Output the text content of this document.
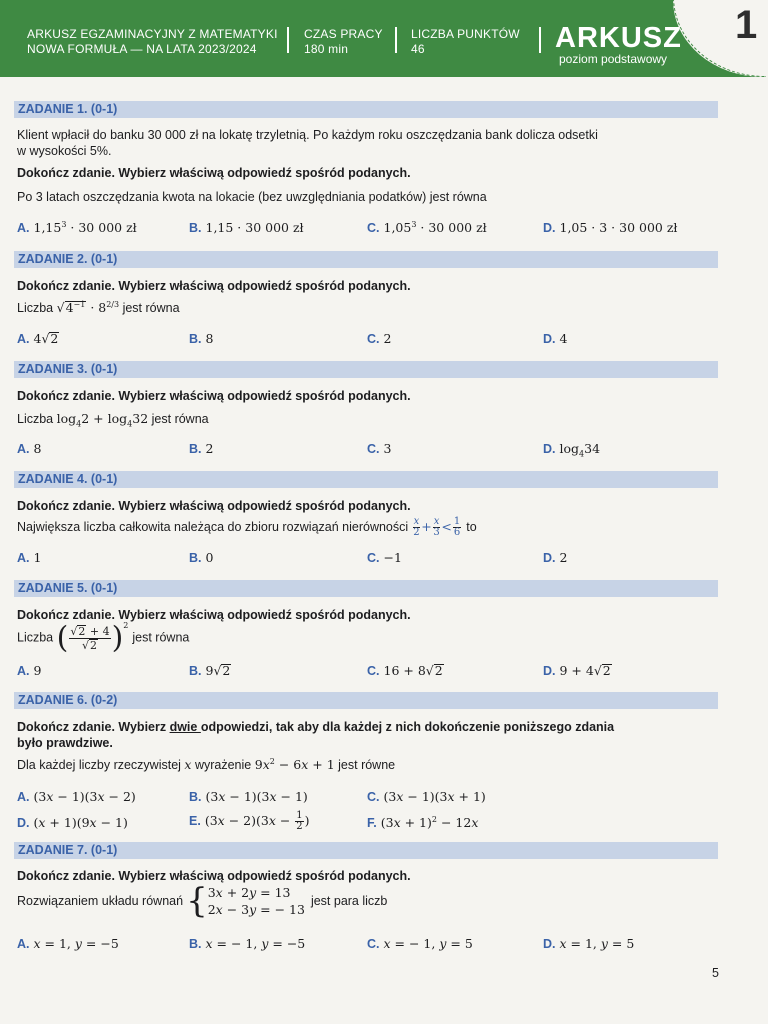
ARKUSZ EGZAMINACYJNY Z MATEMATYKI
NOWA FORMUŁA — NA LATA 2023/2024
CZAS PRACY
180 min
LICZBA PUNKTÓW
46	ARKUSZ
poziom podstawowy
1
ZADANIE 1. (0-1)
Klient wpłacił do banku 30 000 zł na lokatę trzyletnią. Po każdym roku oszczędzania bank dolicza odsetki
w wysokości 5%.
Dokończ zdanie. Wybierz właściwą odpowiedź spośród podanych.
Po 3 latach oszczędzania kwota na lokacie (bez uwzględniania podatków) jest równa
A. $1,15^3 \cdot 30$ 000 zł	B. 1,15 · 30 000 zł	C. $1,05^3 \cdot 30$ 000 zł	D. 1,05 · 3 · 30 000 zł
ZADANIE 2. (0-1)
Dokończ zdanie. Wybierz właściwą odpowiedź spośród podanych.
Liczba $√4^{-1} \cdot 8^{2/3}$ jest równa
A. 4√2	B. 8	C. 2	D. 4
ZADANIE 3. (0-1)
Dokończ zdanie. Wybierz właściwą odpowiedź spośród podanych.
Liczba $\log_42 + \log_432$ jest równa
A. 8	B. 2	C. 3	D. $\log_434$
ZADANIE 4. (0-1)
Dokończ zdanie. Wybierz właściwą odpowiedź spośród podanych.
Największa liczba całkowita należąca do zbioru rozwiązań nierówności $\frac{x}{2} + \frac{x}{3} < \frac{1}{6}$ to
A. 1	B. 0	C. −1	D. 2
ZADANIE 5. (0-1)
Dokończ zdanie. Wybierz właściwą odpowiedź spośród podanych.
Liczba ( $\frac{√2 + 4}{√2} )^2$ jest równa
A. 9	B. 9√2	C. 16 + 8√2	D. 9 + 4√2
ZADANIE 6. (0-2)
Dokończ zdanie. Wybierz dwie odpowiedzi, tak aby dla każdej z nich dokończenie poniższego zdania
było prawdziwe.
Dla każdej liczby rzeczywistej x wyrażenie $9x^2 - 6x + 1$ jest równe
A. (3x − 1)(3x − 2)	B. (3x − 1)(3x − 1)	C. (3x − 1)(3x + 1)
D. (x + 1)(9x − 1)	E. $(3x - 2)(3x - \frac{1}{2}$ )	F. $(3x + 1)^2 - 12x$
ZADANIE 7. (0-1)
Dokończ zdanie. Wybierz właściwą odpowiedź spośród podanych.
Rozwiązaniem układu równań { 3x + 2y = 13
2x − 3y = − 13
jest para liczb
A. x = 1, y = −5	B. x = − 1, y = −5	C. x = − 1, y = 5	D. x = 1, y = 5
5
